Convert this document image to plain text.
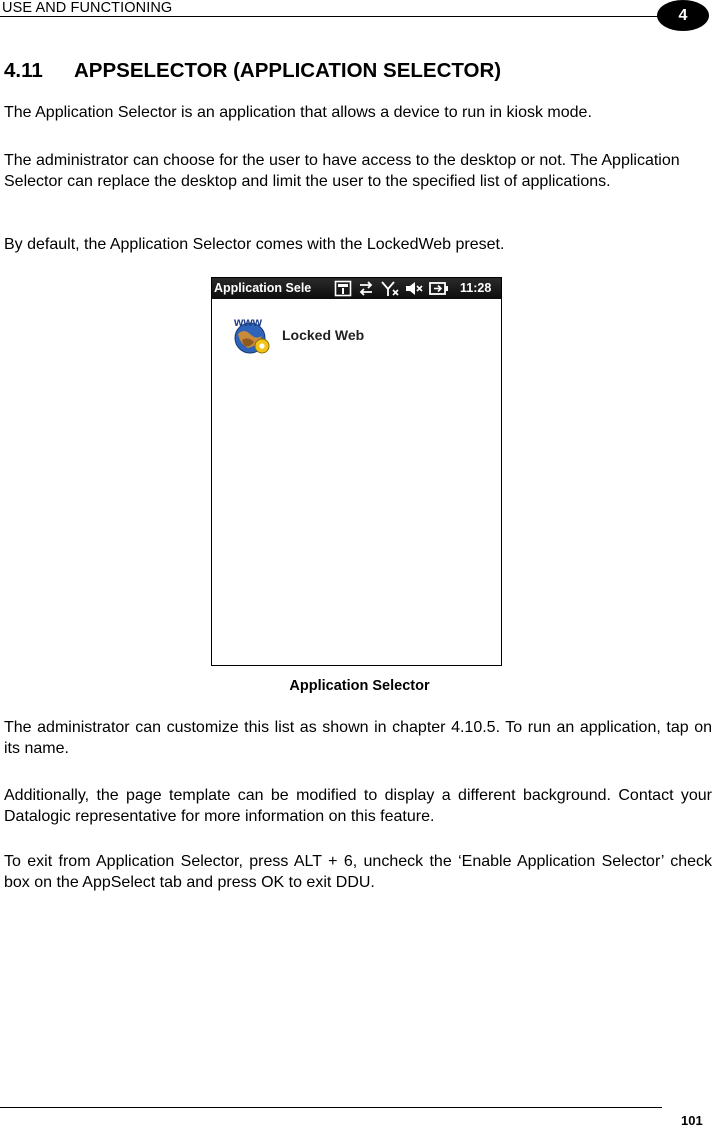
USE AND FUNCTIONING	4
4.11 APPSELECTOR (APPLICATION SELECTOR)

The Application Selector is an application that allows a device to run in kiosk mode.

The administrator can choose for the user to have access to the desktop or not. The Application Selector can replace the desktop and limit the user to the specified list of applications.

By default, the Application Selector comes with the LockedWeb preset.

Application Sele	11:28
www
Locked Web
Application Selector

The administrator can customize this list as shown in chapter 4.10.5. To run an application, tap on its name.

Additionally, the page template can be modified to display a different background. Contact your Datalogic representative for more information on this feature.

To exit from Application Selector, press ALT + 6, uncheck the ‘Enable Application Selector’ check box on the AppSelect tab and press OK to exit DDU.

101
